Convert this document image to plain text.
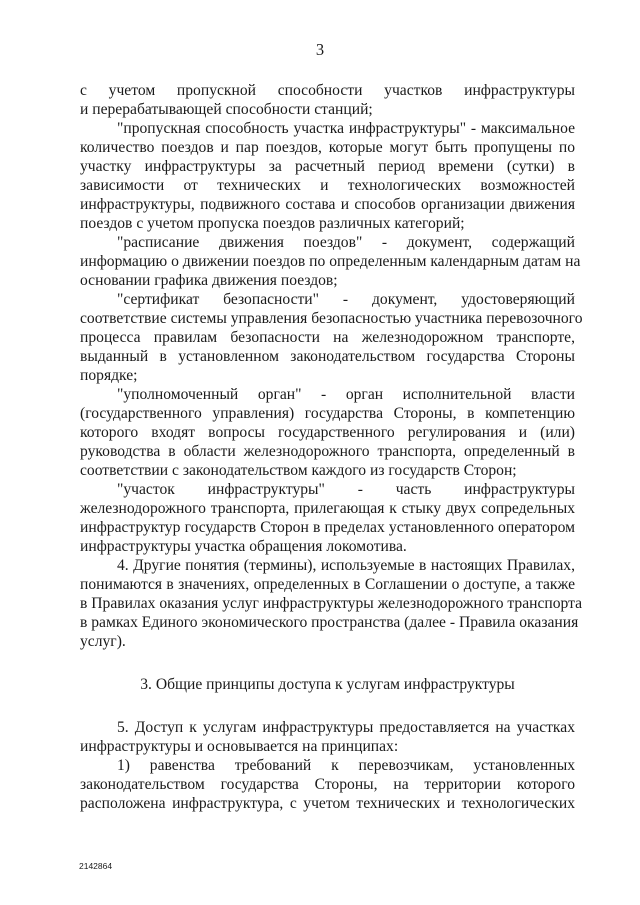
3
с учетом пропускной способности участков инфраструктуры
и перерабатывающей способности станций;
"пропускная способность участка инфраструктуры" - максимальное
количество поездов и пар поездов, которые могут быть пропущены по
участку инфраструктуры за расчетный период времени (сутки) в
зависимости от технических и технологических возможностей
инфраструктуры, подвижного состава и способов организации движения
поездов с учетом пропуска поездов различных категорий;
"расписание движения поездов" - документ, содержащий
информацию о движении поездов по определенным календарным датам на
основании графика движения поездов;
"сертификат безопасности" - документ, удостоверяющий
соответствие системы управления безопасностью участника перевозочного
процесса правилам безопасности на железнодорожном транспорте,
выданный в установленном законодательством государства Стороны
порядке;
"уполномоченный орган" - орган исполнительной власти
(государственного управления) государства Стороны, в компетенцию
которого входят вопросы государственного регулирования и (или)
руководства в области железнодорожного транспорта, определенный в
соответствии с законодательством каждого из государств Сторон;
"участок инфраструктуры" - часть инфраструктуры
железнодорожного транспорта, прилегающая к стыку двух сопредельных
инфраструктур государств Сторон в пределах установленного оператором
инфраструктуры участка обращения локомотива.
4. Другие понятия (термины), используемые в настоящих Правилах,
понимаются в значениях, определенных в Соглашении о доступе, а также
в Правилах оказания услуг инфраструктуры железнодорожного транспорта
в рамках Единого экономического пространства (далее - Правила оказания
услуг).
3. Общие принципы доступа к услугам инфраструктуры
5. Доступ к услугам инфраструктуры предоставляется на участках
инфраструктуры и основывается на принципах:
1) равенства требований к перевозчикам, установленных
законодательством государства Стороны, на территории которого
расположена инфраструктура, с учетом технических и технологических
2142864
